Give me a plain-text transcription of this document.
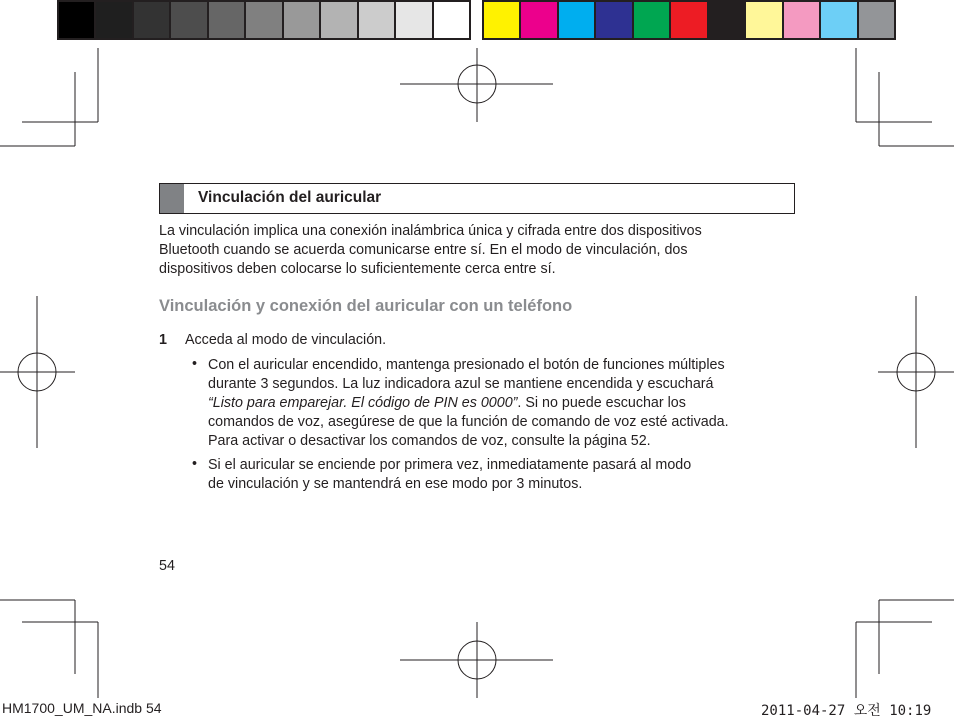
Vinculación del auricular
La vinculación implica una conexión inalámbrica única y cifrada entre dos dispositivos
Bluetooth cuando se acuerda comunicarse entre sí. En el modo de vinculación, dos
dispositivos deben colocarse lo suficientemente cerca entre sí.
Vinculación y conexión del auricular con un teléfono
1 Acceda al modo de vinculación.
• Con el auricular encendido, mantenga presionado el botón de funciones múltiples
durante 3 segundos. La luz indicadora azul se mantiene encendida y escuchará
“Listo para emparejar. El código de PIN es 0000”. Si no puede escuchar los
comandos de voz, asegúrese de que la función de comando de voz esté activada.
Para activar o desactivar los comandos de voz, consulte la página 52.
• Si el auricular se enciende por primera vez, inmediatamente pasará al modo
de vinculación y se mantendrá en ese modo por 3 minutos.
54
HM1700_UM_NA.indb 54	2011-04-27 오전 10:19
